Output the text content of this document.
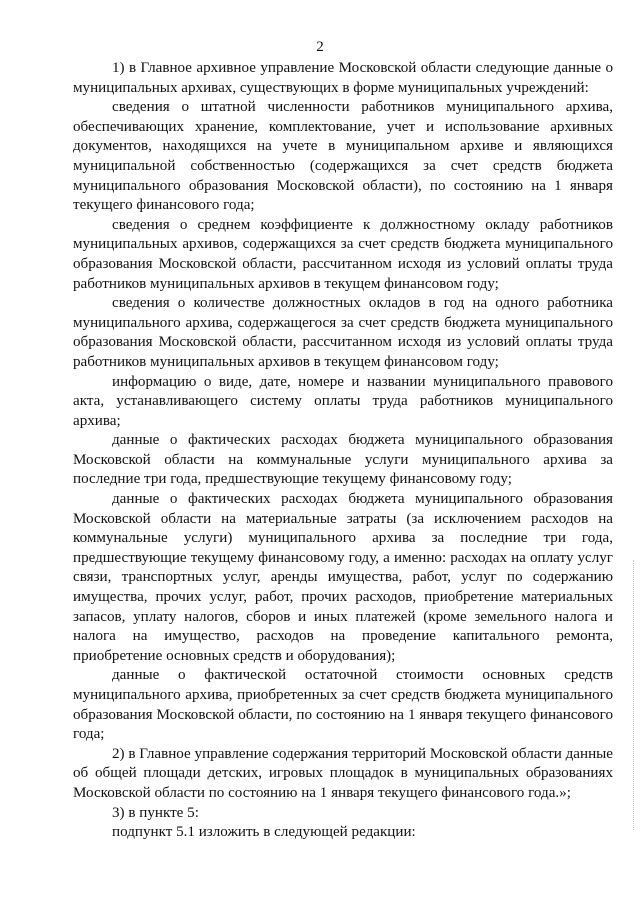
2

1) в Главное архивное управление Московской области следующие данные о муниципальных архивах, существующих в форме муниципальных учреждений:

сведения о штатной численности работников муниципального архива, обеспечивающих хранение, комплектование, учет и использование архивных документов, находящихся на учете в муниципальном архиве и являющихся муниципальной собственностью (содержащихся за счет средств бюджета муниципального образования Московской области), по состоянию на 1 января текущего финансового года;

сведения о среднем коэффициенте к должностному окладу работников муниципальных архивов, содержащихся за счет средств бюджета муниципального образования Московской области, рассчитанном исходя из условий оплаты труда работников муниципальных архивов в текущем финансовом году;

сведения о количестве должностных окладов в год на одного работника муниципального архива, содержащегося за счет средств бюджета муниципального образования Московской области, рассчитанном исходя из условий оплаты труда работников муниципальных архивов в текущем финансовом году;

информацию о виде, дате, номере и названии муниципального правового акта, устанавливающего систему оплаты труда работников муниципального архива;

данные о фактических расходах бюджета муниципального образования Московской области на коммунальные услуги муниципального архива за последние три года, предшествующие текущему финансовому году;

данные о фактических расходах бюджета муниципального образования Московской области на материальные затраты (за исключением расходов на коммунальные услуги) муниципального архива за последние три года, предшествующие текущему финансовому году, а именно: расходах на оплату услуг связи, транспортных услуг, аренды имущества, работ, услуг по содержанию имущества, прочих услуг, работ, прочих расходов, приобретение материальных запасов, уплату налогов, сборов и иных платежей (кроме земельного налога и налога на имущество, расходов на проведение капитального ремонта, приобретение основных средств и оборудования);

данные о фактической остаточной стоимости основных средств муниципального архива, приобретенных за счет средств бюджета муниципального образования Московской области, по состоянию на 1 января текущего финансового года;

2) в Главное управление содержания территорий Московской области данные об общей площади детских, игровых площадок в муниципальных образованиях Московской области по состоянию на 1 января текущего финансового года.»;

3) в пункте 5:

подпункт 5.1 изложить в следующей редакции:
